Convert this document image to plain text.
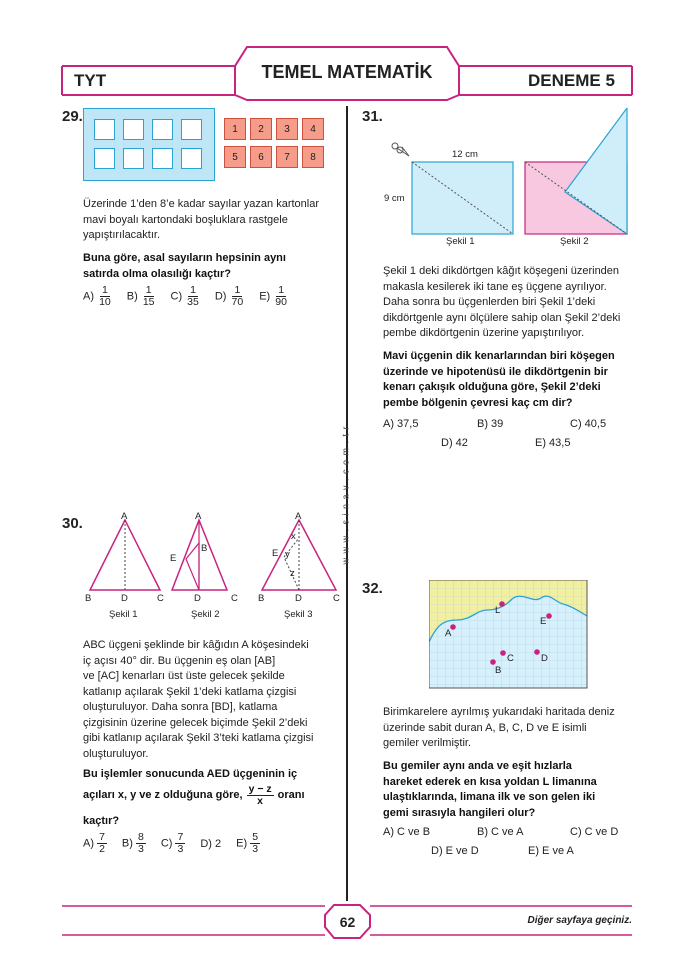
TYT	TEMEL MATEMATİK	DENEME 5
w w w . s i n a v . c o m . t r
29.
1	2	3	4
5	6	7	8
Üzerinde 1’den 8’e kadar sayılar yazan kartonlar
mavi boyalı kartondaki boşluklara rastgele
yapıştırılacaktır.
Buna göre, asal sayıların hepsinin aynı
satırda olma olasılığı kaçtır?
$A) \frac{1}{10} B) \frac{1}{15} C) \frac{1}{35} D) \frac{1}{70} E) \frac{1}{90}$
30.	A
B	D	C
Şekil 1
A
E
B
D	C
Şekil 2
A
E
x
y
z
B	D	C
Şekil 3
ABC üçgeni şeklinde bir kâğıdın A köşesindeki
iç açısı 40° dir. Bu üçgenin eş olan [AB]
ve [AC] kenarları üst üste gelecek şekilde
katlanıp açılarak Şekil 1’deki katlama çizgisi
oluşturuluyor. Daha sonra [BD], katlama
çizgisinin üzerine gelecek biçimde Şekil 2’deki
gibi katlanıp açılarak Şekil 3’teki katlama çizgisi
oluşturuluyor.
Bu işlemler sonucunda AED üçgeninin iç
açıları x, y ve z olduğuna göre, $\frac{y - z}{x}$ oranı
kaçtır?
$A) \frac{7}{2} B) \frac{8}{3} C) \frac{7}{3} D$) 2 $E) \frac{5}{3}$
31.
12 cm
9 cm
Şekil 1	Şekil 2
Şekil 1 deki dikdörtgen kâğıt köşegeni üzerinden
makasla kesilerek iki tane eş üçgene ayrılıyor.
Daha sonra bu üçgenlerden biri Şekil 1’deki
dikdörtgenle aynı ölçülere sahip olan Şekil 2’deki
pembe dikdörtgenin üzerine yapıştırılıyor.
Mavi üçgenin dik kenarlarından biri köşegen
üzerinde ve hipotenüsü ile dikdörtgenin bir
kenarı çakışık olduğuna göre, Şekil 2’deki
pembe bölgenin çevresi kaç cm dir?
A) 37,5	B) 39	C) 40,5
D) 42	E) 43,5
32.
L
A
E
C	D
B
Birimkarelere ayrılmış yukarıdaki haritada deniz
üzerinde sabit duran A, B, C, D ve E isimli
gemiler verilmiştir.
Bu gemiler aynı anda ve eşit hızlarla
hareket ederek en kısa yoldan L limanına
ulaştıklarında, limana ilk ve son gelen iki
gemi sırasıyla hangileri olur?
A) C ve B	B) C ve A	C) C ve D
D) E ve D	E) E ve A
62	Diğer sayfaya geçiniz.
